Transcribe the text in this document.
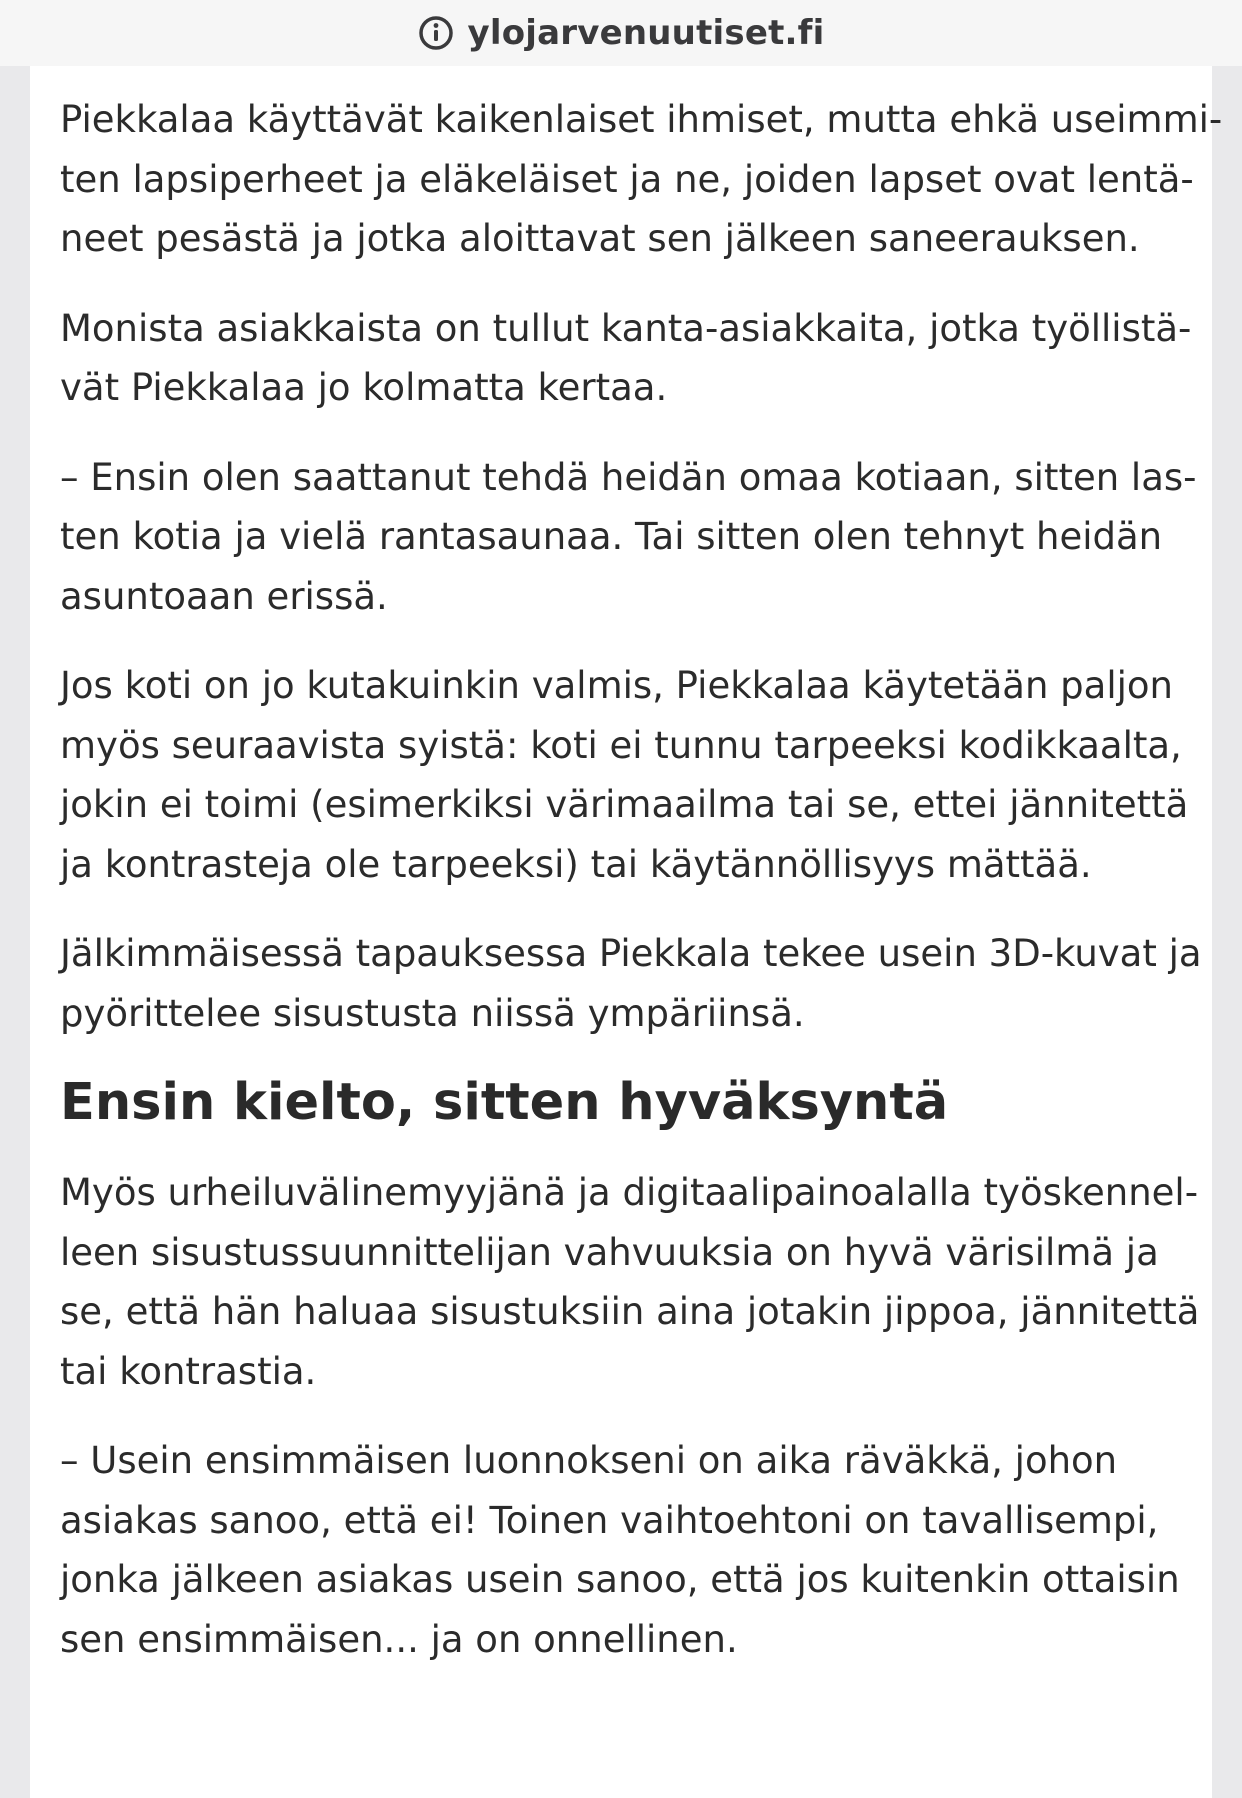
ylojarvenuutiset.fi

Piekkalaa käyttävät kaikenlaiset ihmiset, mutta ehkä useimmi-
ten lapsiperheet ja eläkeläiset ja ne, joiden lapset ovat lentä-
neet pesästä ja jotka aloittavat sen jälkeen saneerauksen.

Monista asiakkaista on tullut kanta-asiakkaita, jotka työllistä-
vät Piekkalaa jo kolmatta kertaa.

– Ensin olen saattanut tehdä heidän omaa kotiaan, sitten las-
ten kotia ja vielä rantasaunaa. Tai sitten olen tehnyt heidän
asuntoaan erissä.

Jos koti on jo kutakuinkin valmis, Piekkalaa käytetään paljon
myös seuraavista syistä: koti ei tunnu tarpeeksi kodikkaalta,
jokin ei toimi (esimerkiksi värimaailma tai se, ettei jännitettä
ja kontrasteja ole tarpeeksi) tai käytännöllisyys mättää.

Jälkimmäisessä tapauksessa Piekkala tekee usein 3D-kuvat ja
pyörittelee sisustusta niissä ympäriinsä.

Ensin kielto, sitten hyväksyntä

Myös urheiluvälinemyyjänä ja digitaalipainoalalla työskennel-
leen sisustussuunnittelijan vahvuuksia on hyvä värisilmä ja
se, että hän haluaa sisustuksiin aina jotakin jippoa, jännitettä
tai kontrastia.

– Usein ensimmäisen luonnokseni on aika räväkkä, johon
asiakas sanoo, että ei! Toinen vaihtoehtoni on tavallisempi,
jonka jälkeen asiakas usein sanoo, että jos kuitenkin ottaisin
sen ensimmäisen... ja on onnellinen.
